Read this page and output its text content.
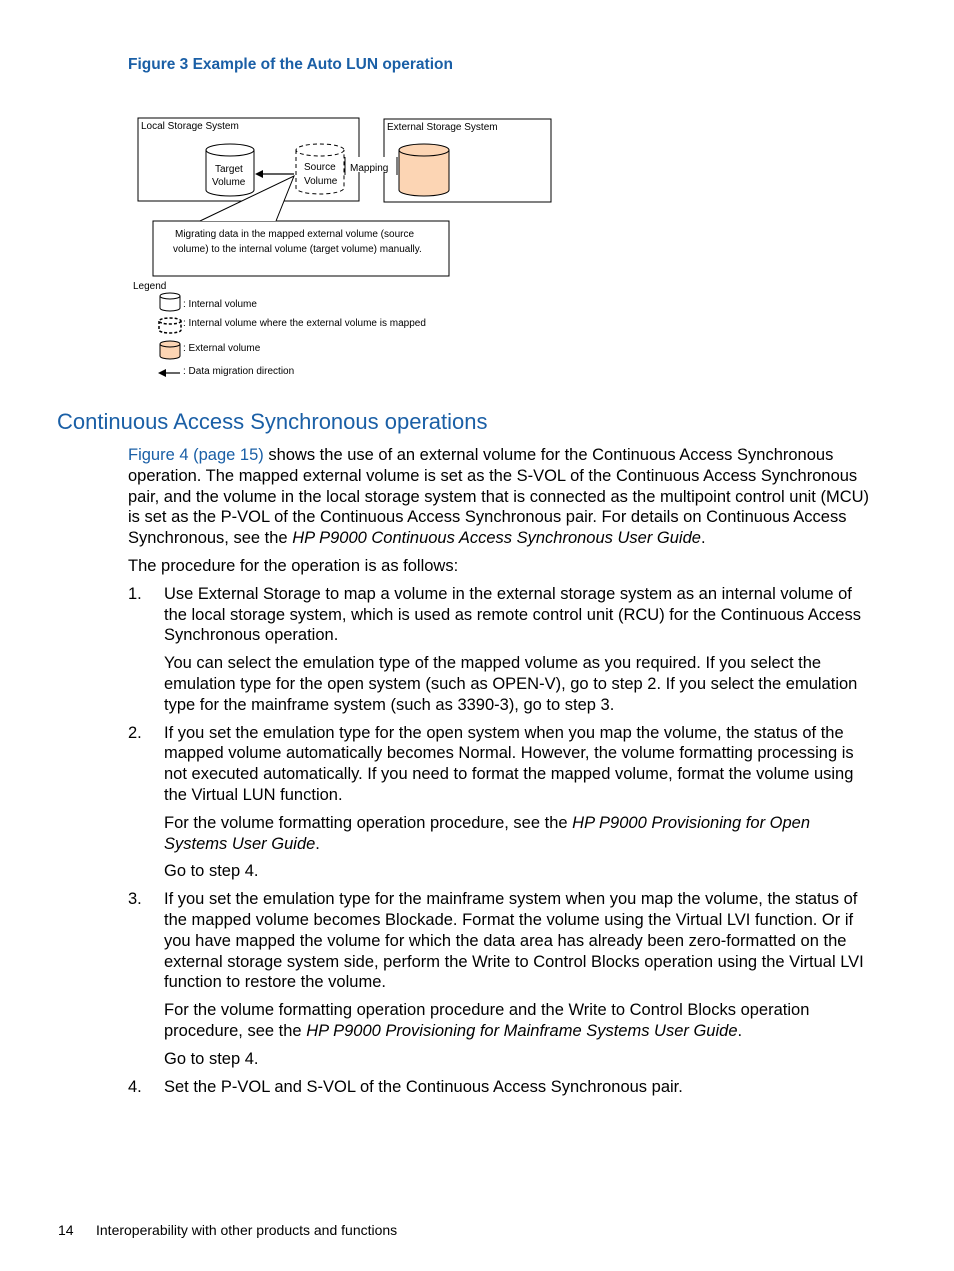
Figure 3 Example of the Auto LUN operation
Local Storage System	External Storage System
Target
Volume
Source
Volume
Mapping
Migrating data in the mapped external volume (source
volume) to the internal volume (target volume) manually.
Legend
: Internal volume
: Internal volume where the external volume is mapped
: External volume
: Data migration direction
Continuous Access Synchronous operations

Figure 4 (page 15) shows the use of an external volume for the Continuous Access Synchronous operation. The mapped external volume is set as the S-VOL of the Continuous Access Synchronous pair, and the volume in the local storage system that is connected as the multipoint control unit (MCU) is set as the P-VOL of the Continuous Access Synchronous pair. For details on Continuous Access Synchronous, see the HP P9000 Continuous Access Synchronous User Guide.

The procedure for the operation is as follows:

1. Use External Storage to map a volume in the external storage system as an internal volume of the local storage system, which is used as remote control unit (RCU) for the Continuous Access Synchronous operation.

You can select the emulation type of the mapped volume as you required. If you select the emulation type for the open system (such as OPEN-V), go to step 2. If you select the emulation type for the mainframe system (such as 3390-3), go to step 3.

2. If you set the emulation type for the open system when you map the volume, the status of the mapped volume automatically becomes Normal. However, the volume formatting processing is not executed automatically. If you need to format the mapped volume, format the volume using the Virtual LUN function.

For the volume formatting operation procedure, see the HP P9000 Provisioning for Open Systems User Guide.

Go to step 4.

3. If you set the emulation type for the mainframe system when you map the volume, the status of the mapped volume becomes Blockade. Format the volume using the Virtual LVI function. Or if you have mapped the volume for which the data area has already been zero-formatted on the external storage system side, perform the Write to Control Blocks operation using the Virtual LVI function to restore the volume.

For the volume formatting operation procedure and the Write to Control Blocks operation procedure, see the HP P9000 Provisioning for Mainframe Systems User Guide.

Go to step 4.

4. Set the P-VOL and S-VOL of the Continuous Access Synchronous pair.

14 Interoperability with other products and functions
